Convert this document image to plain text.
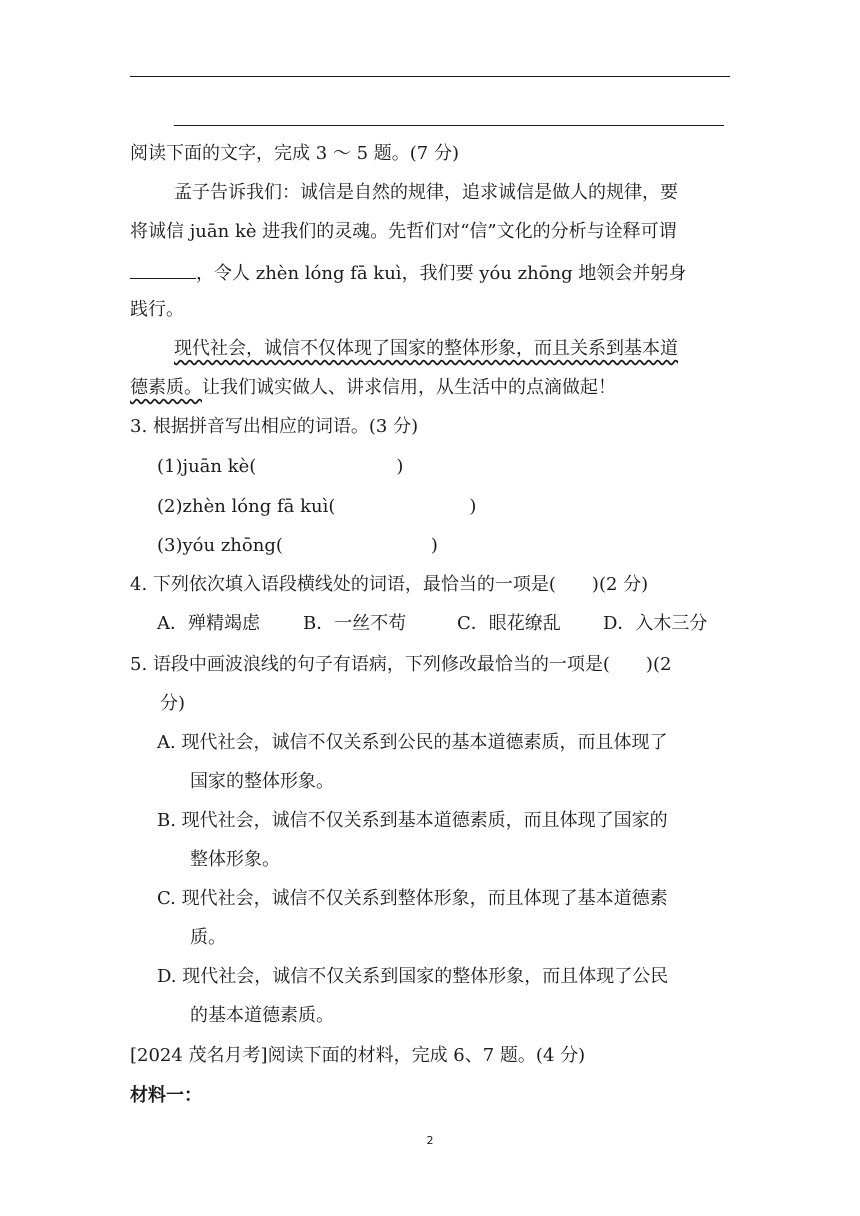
阅读下面的文字，完成 3 ～ 5 题。(7 分)
孟子告诉我们：诚信是自然的规律，追求诚信是做人的规律，要
将诚信 juān kè 进我们的灵魂。先哲们对“信”文化的分析与诠释可谓
，令人 zhèn lóng fā kuì，我们要 yóu zhōng 地领会并躬身
践行。
现代社会，诚信不仅体现了国家的整体形象，而且关系到基本道
德素质。让我们诚实做人、讲求信用，从生活中的点滴做起！
3. 根据拼音写出相应的词语。(3 分)
(1)juān kè(	)
(2)zhèn lóng fā kuì(	)
(3)yóu zhōng(	)
4. 下列依次填入语段横线处的词语，最恰当的一项是(　　)(2 分)
A．殚精竭虑 B．一丝不苟	C．眼花缭乱 D．入木三分
5. 语段中画波浪线的句子有语病，下列修改最恰当的一项是(　　)(2
分)
A. 现代社会，诚信不仅关系到公民的基本道德素质，而且体现了
国家的整体形象。
B. 现代社会，诚信不仅关系到基本道德素质，而且体现了国家的
整体形象。
C. 现代社会，诚信不仅关系到整体形象，而且体现了基本道德素
质。
D. 现代社会，诚信不仅关系到国家的整体形象，而且体现了公民
的基本道德素质。
[2024 茂名月考]阅读下面的材料，完成 6、7 题。(4 分)
材料一：
2
